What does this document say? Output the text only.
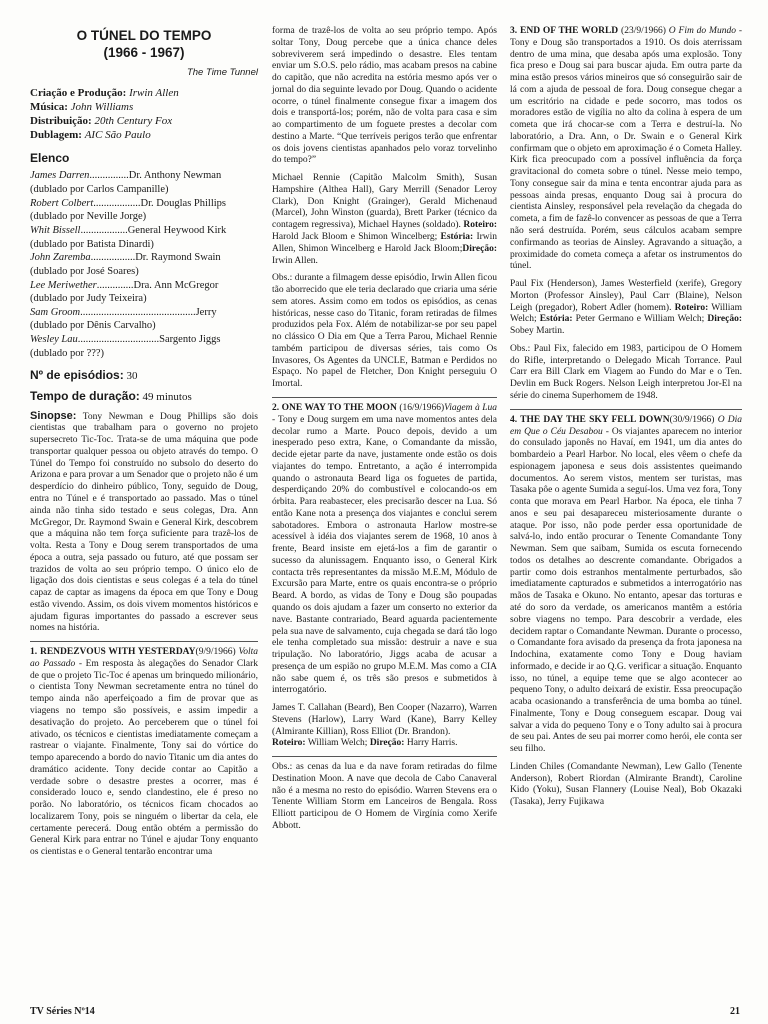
O TÚNEL DO TEMPO
(1966 - 1967)
The Time Tunnel
Criação e Produção: Irwin Allen
Música: John Williams
Distribuição: 20th Century Fox
Dublagem: AIC São Paulo
Elenco
James Darren...............Dr. Anthony Newman
(dublado por Carlos Campanille)
Robert Colbert..................Dr. Douglas Phillips
(dublado por Neville Jorge)
Whit Bissell..................General Heywood Kirk
(dublado por Batista Dinardi)
John Zaremba.................Dr. Raymond Swain
(dublado por José Soares)
Lee Meriwether..............Dra. Ann McGregor
(dublado por Judy Teixeira)
Sam Groom............................................Jerry
(dublado por Dênis Carvalho)
Wesley Lau...............................Sargento Jiggs
(dublado por ???)
Nº de episódios: 30
Tempo de duração: 49 minutos

Sinopse: Tony Newman e Doug Phillips são dois cientistas que trabalham para o governo no projeto supersecreto Tic-Toc. Trata-se de uma máquina que pode transportar qualquer pessoa ou objeto através do tempo. O Túnel do Tempo foi construído no subsolo do deserto do Arizona e para provar a um Senador que o projeto não é um desperdício do dinheiro público, Tony, seguido de Doug, entra no Túnel e é transportado ao passado. Mas o túnel ainda não tinha sido testado e seus colegas, Dra. Ann McGregor, Dr. Raymond Swain e General Kirk, descobrem que a máquina não tem força suficiente para trazê-los de volta. Resta a Tony e Doug serem transportados de uma época a outra, seja passado ou futuro, até que possam ser trazidos de volta ao seu próprio tempo. O único elo de ligação dos dois cientistas e seus colegas é a tela do túnel capaz de captar as imagens da época em que Tony e Doug estão vivendo. Assim, os dois vivem momentos históricos e ajudam figuras importantes do passado a escrever seus nomes na história.

1. RENDEZVOUS WITH YESTERDAY(9/9/1966) Volta ao Passado - Em resposta às alegações do Senador Clark de que o projeto Tic-Toc é apenas um brinquedo milionário, o cientista Tony Newman secretamente entra no túnel do tempo ainda não aperfeiçoado a fim de provar que as viagens no tempo são possíveis, e assim impedir a desativação do projeto. Ao perceberem que o túnel foi ativado, os técnicos e cientistas imediatamente começam a rastrear o viajante. Finalmente, Tony sai do vórtice do tempo aparecendo a bordo do navio Titanic um dia antes do dramático acidente. Tony decide contar ao Capitão a verdade sobre o desastre prestes a ocorrer, mas é considerado louco e, sendo clandestino, ele é preso no porão. No laboratório, os técnicos ficam chocados ao localizarem Tony, pois se ninguém o libertar da cela, ele certamente perecerá. Doug então obtém a permissão do General Kirk para entrar no Túnel e ajudar Tony enquanto os cientistas e o General tentarão encontrar uma

forma de trazê-los de volta ao seu próprio tempo. Após soltar Tony, Doug percebe que a única chance deles sobreviverem será impedindo o desastre. Eles tentam enviar um S.O.S. pelo rádio, mas acabam presos na cabine do capitão, que não acredita na estória mesmo após ver o jornal do dia seguinte levado por Doug. Quando o acidente ocorre, o túnel finalmente consegue fixar a imagem dos dois e transportá-los; porém, não de volta para casa e sim ao compartimento de um foguete prestes a decolar com destino a Marte. “Que terríveis perigos terão que enfrentar os dois jovens cientistas apanhados pelo voraz torvelinho do tempo?”

Michael Rennie (Capitão Malcolm Smith), Susan Hampshire (Althea Hall), Gary Merrill (Senador Leroy Clark), Don Knight (Grainger), Gerald Michenaud (Marcel), John Winston (guarda), Brett Parker (técnico da contagem regressiva), Michael Haynes (soldado). Roteiro: Harold Jack Bloom e Shimon Wincelberg; Estória: Irwin Allen, Shimon Wincelberg e Harold Jack Bloom;Direção: Irwin Allen.

Obs.: durante a filmagem desse episódio, Irwin Allen ficou tão aborrecido que ele teria declarado que criaria uma série sem atores. Assim como em todos os episódios, as cenas históricas, nesse caso do Titanic, foram retiradas de filmes produzidos pela Fox. Além de notabilizar-se por seu papel no clássico O Dia em Que a Terra Parou, Michael Rennie também participou de diversas séries, tais como Os Invasores, Os Agentes da UNCLE, Batman e Perdidos no Espaço. No papel de Fletcher, Don Knight perseguiu O Imortal.

2. ONE WAY TO THE MOON (16/9/1966)Viagem à Lua - Tony e Doug surgem em uma nave momentos antes dela decolar rumo a Marte. Pouco depois, devido a um inesperado peso extra, Kane, o Comandante da missão, decide ejetar parte da nave, justamente onde estão os dois viajantes do tempo. Entretanto, a ação é interrompida quando o astronauta Beard liga os foguetes de partida, desperdiçando 20% do combustível e colocando-os em órbita. Para reabastecer, eles precisarão descer na Lua. Só então Kane nota a presença dos viajantes e conclui serem sabotadores. Embora o astronauta Harlow mostre-se acessível à idéia dos viajantes serem de 1968, 10 anos à frente, Beard insiste em ejetá-los a fim de garantir o sucesso da alunissagem. Enquanto isso, o General Kirk contacta três representantes da missão M.E.M, Módulo de Excursão para Marte, entre os quais encontra-se o próprio Beard. A bordo, as vidas de Tony e Doug são poupadas quando os dois ajudam a fazer um conserto no exterior da nave. Bastante contrariado, Beard aguarda pacientemente pela sua nave de salvamento, cuja chegada se dará tão logo ele tenha completado sua missão: destruir a nave e sua tripulação. No laboratório, Jiggs acaba de acusar a presença de um espião no grupo M.E.M. Mas como a CIA não sabe quem é, os três são presos e submetidos à interrogatório.

James T. Callahan (Beard), Ben Cooper (Nazarro), Warren Stevens (Harlow), Larry Ward (Kane), Barry Kelley (Almirante Killian), Ross Elliot (Dr. Brandon).
Roteiro: William Welch; Direção: Harry Harris.

Obs.: as cenas da lua e da nave foram retiradas do filme Destination Moon. A nave que decola de Cabo Canaveral não é a mesma no resto do episódio. Warren Stevens era o Tenente William Storm em Lanceiros de Bengala. Ross Elliott participou de O Homem de Virgínia como Xerife Abbott.

3. END OF THE WORLD (23/9/1966) O Fim do Mundo - Tony e Doug são transportados a 1910. Os dois aterrissam dentro de uma mina, que desaba após uma explosão. Tony fica preso e Doug sai para buscar ajuda. Em outra parte da mina estão presos vários mineiros que só conseguirão sair de lá com a ajuda de pessoal de fora. Doug consegue chegar a um escritório na cidade e pede socorro, mas todos os moradores estão de vigília no alto da colina à espera de um cometa que irá chocar-se com a Terra e destruí-la. No laboratório, a Dra. Ann, o Dr. Swain e o General Kirk confirmam que o objeto em aproximação é o Cometa Halley. Kirk fica preocupado com a possível influência da força gravitacional do cometa sobre o túnel. Nesse meio tempo, Tony consegue sair da mina e tenta encontrar ajuda para as pessoas ainda presas, enquanto Doug sai à procura do cientista Ainsley, responsável pela revelação da chegada do cometa, a fim de fazê-lo convencer as pessoas de que a Terra não será destruída. Porém, seus cálculos acabam sempre confirmando as teorias de Ainsley. Agravando a situação, a proximidade do cometa começa a afetar os instrumentos do túnel.

Paul Fix (Henderson), James Westerfield (xerife), Gregory Morton (Professor Ainsley), Paul Carr (Blaine), Nelson Leigh (pregador), Robert Adler (homem). Roteiro: William Welch; Estória: Peter Germano e William Welch; Direção: Sobey Martin.

Obs.: Paul Fix, falecido em 1983, participou de O Homem do Rifle, interpretando o Delegado Micah Torrance. Paul Carr era Bill Clark em Viagem ao Fundo do Mar e o Ten. Devlin em Buck Rogers. Nelson Leigh interpretou Jor-El na série do cinema Superhomem de 1948.

4. THE DAY THE SKY FELL DOWN(30/9/1966) O Dia em Que o Céu Desabou - Os viajantes aparecem no interior do consulado japonês no Havaí, em 1941, um dia antes do bombardeio a Pearl Harbor. No local, eles vêem o chefe da espionagem japonesa e seus dois assistentes queimando documentos. Ao serem vistos, mentem ser turistas, mas Tasaka pôe o agente Sumida a seguí-los. Uma vez fora, Tony conta que morava em Pearl Harbor. Na época, ele tinha 7 anos e seu pai desapareceu misteriosamente durante o ataque. Por isso, não pode perder essa oportunidade de salvá-lo, indo então procurar o Tenente Comandante Tony Newman. Sem que saibam, Sumida os escuta fornecendo todos os detalhes ao descrente comandante. Obrigados a partir como dois estranhos mentalmente perturbados, são imediatamente capturados e submetidos a interrogatório nas mãos de Tasaka e Okuno. No entanto, apesar das torturas e até do soro da verdade, os americanos mantêm a estória sobre viagens no tempo. Para descobrir a verdade, eles decidem raptar o Comandante Newman. Durante o processo, o Comandante fora avisado da presença da frota japonesa na Indochina, exatamente como Tony e Doug haviam informado, e decide ir ao Q.G. verificar a situação. Enquanto isso, no túnel, a equipe teme que se algo acontecer ao pequeno Tony, o adulto deixará de existir. Essa preocupação acaba ocasionando a transferência de uma bomba ao túnel. Finalmente, Tony e Doug conseguem escapar. Doug vai salvar a vida do pequeno Tony e o Tony adulto sai à procura de seu pai. Antes de seu pai morrer como herói, ele conta ser seu filho.

Linden Chiles (Comandante Newman), Lew Gallo (Tenente Anderson), Robert Riordan (Almirante Brandt), Caroline Kido (Yoku), Susan Flannery (Louise Neal), Bob Okazaki (Tasaka), Jerry Fujikawa

TV Séries Nº14	21
